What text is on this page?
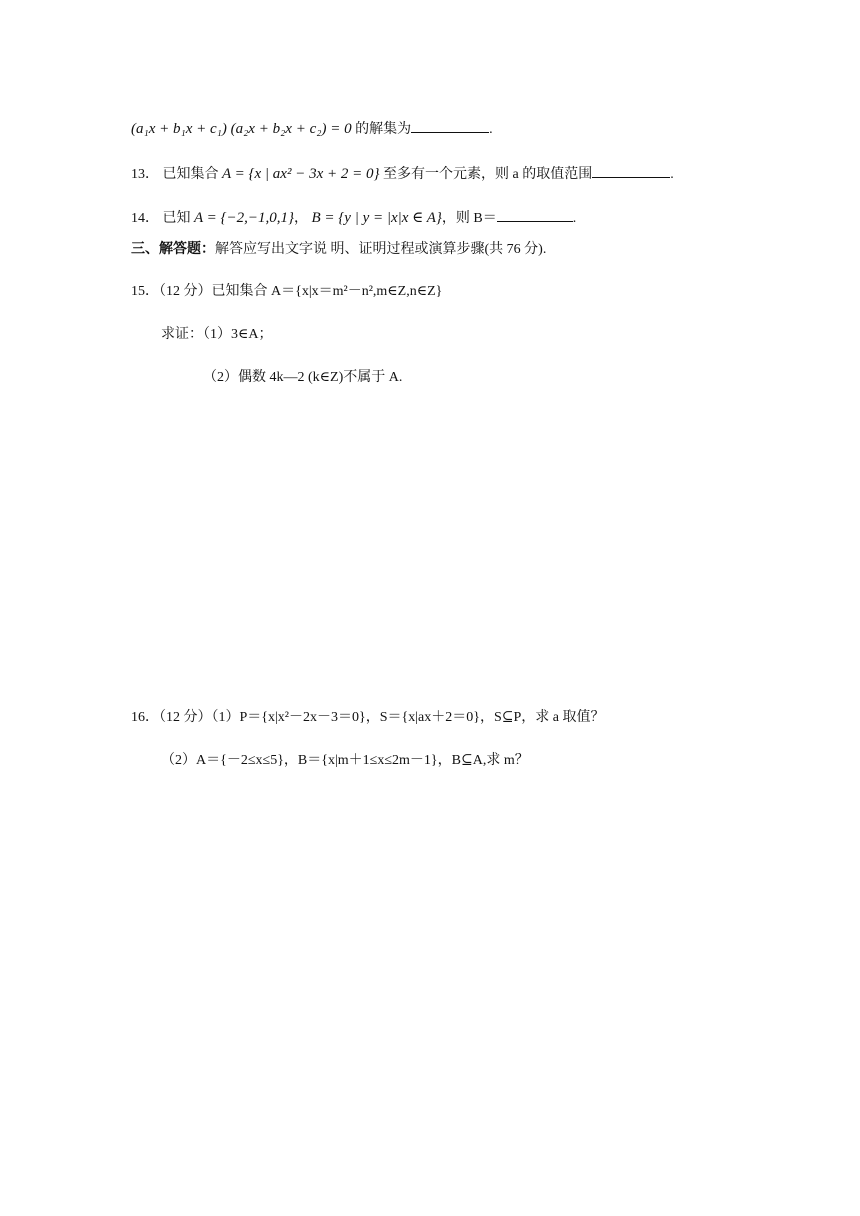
(a₁x + b₁x + c₁) (a₂x + b₂x + c₂) = 0 的解集为	.
13． 已知集合 A = {x | ax² − 3x + 2 = 0} 至多有一个元素，则 a 的取值范围	.
14． 已知 A = {−2,−1,0,1}， B = {y | y = |x|x ∈ A}，则 B＝	.
三、解答题：解答应写出文字说 明、证明过程或演算步骤(共 76 分).
15．（12 分）已知集合 A＝{x|x＝m²－n²,m∈Z,n∈Z}
求证：（1）3∈A；
（2）偶数 4k—2 (k∈Z)不属于 A.
16．（12 分）（1）P＝{x|x²－2x－3＝0}，S＝{x|ax＋2＝0}，S⊆P，求 a 取值？
（2）A＝{－2≤x≤5}，B＝{x|m＋1≤x≤2m－1}，B⊆A,求 m？
